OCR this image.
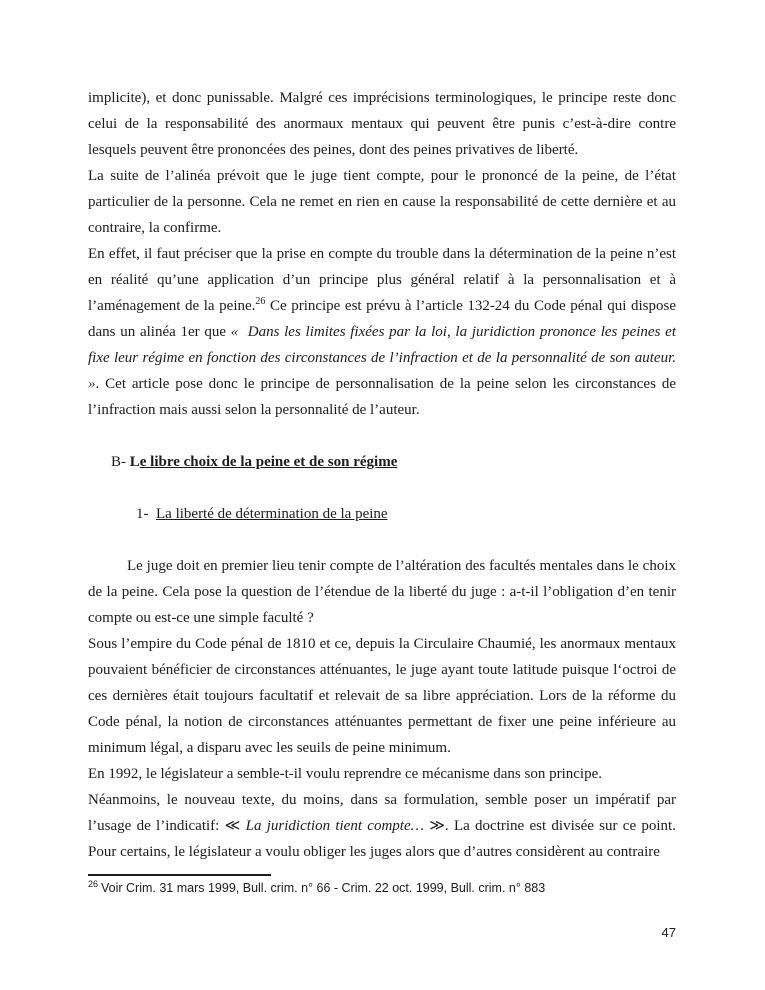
implicite), et donc punissable. Malgré ces imprécisions terminologiques, le principe reste donc celui de la responsabilité des anormaux mentaux qui peuvent être punis c’est-à-dire contre lesquels peuvent être prononcées des peines, dont des peines privatives de liberté.

La suite de l’alinéa prévoit que le juge tient compte, pour le prononcé de la peine, de l’état particulier de la personne. Cela ne remet en rien en cause la responsabilité de cette dernière et au contraire, la confirme.

En effet, il faut préciser que la prise en compte du trouble dans la détermination de la peine n’est en réalité qu’une application d’un principe plus général relatif à la personnalisation et à l’aménagement de la peine.$^{26}$ Ce principe est prévu à l’article 132-24 du Code pénal qui dispose dans un alinéa 1er que «  Dans les limites fixées par la loi, la juridiction prononce les peines et fixe leur régime en fonction des circonstances de l’infraction et de la personnalité de son auteur. ». Cet article pose donc le principe de personnalisation de la peine selon les circonstances de l’infraction mais aussi selon la personnalité de l’auteur.

B- Le libre choix de la peine et de son régime

1-  La liberté de détermination de la peine

Le juge doit en premier lieu tenir compte de l’altération des facultés mentales dans le choix de la peine. Cela pose la question de l’étendue de la liberté du juge : a-t-il l’obligation d’en tenir compte ou est-ce une simple faculté ?

Sous l’empire du Code pénal de 1810 et ce, depuis la Circulaire Chaumié, les anormaux mentaux pouvaient bénéficier de circonstances atténuantes, le juge ayant toute latitude puisque l‘octroi de ces dernières était toujours facultatif et relevait de sa libre appréciation. Lors de la réforme du Code pénal, la notion de circonstances atténuantes permettant de fixer une peine inférieure au minimum légal, a disparu avec les seuils de peine minimum.

En 1992, le législateur a semble-t-il voulu reprendre ce mécanisme dans son principe.

Néanmoins, le nouveau texte, du moins, dans sa formulation, semble poser un impératif par l’usage de l’indicatif: ≪ La juridiction tient compte… ≫. La doctrine est divisée sur ce point. Pour certains, le législateur a voulu obliger les juges alors que d’autres considèrent au contraire

$^{26}$ Voir Crim. 31 mars 1999, Bull. crim. n° 66 - Crim. 22 oct. 1999, Bull. crim. n° 883
47
